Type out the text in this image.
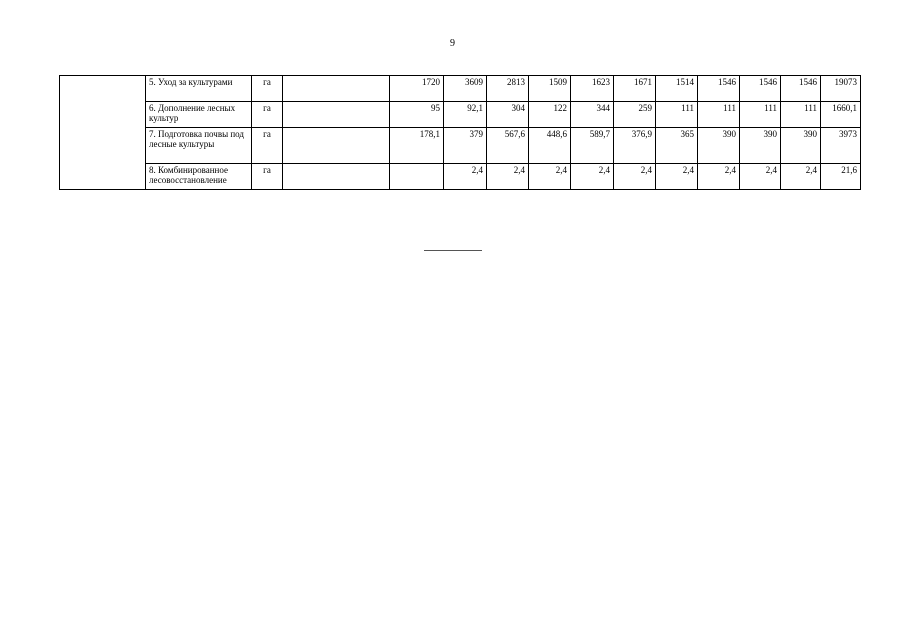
9
	5. Уход за культурами	га		1720	3609	2813	1509	1623	1671	1514	1546	1546	1546	19073
	6. Дополнение лесных культур	га		95	92,1	304	122	344	259	111	111	111	111	1660,1
	7. Подготовка почвы под лесные культуры	га		178,1	379	567,6	448,6	589,7	376,9	365	390	390	390	3973
	8. Комбинированное лесовосстановление	га			2,4	2,4	2,4	2,4	2,4	2,4	2,4	2,4	2,4	21,6
